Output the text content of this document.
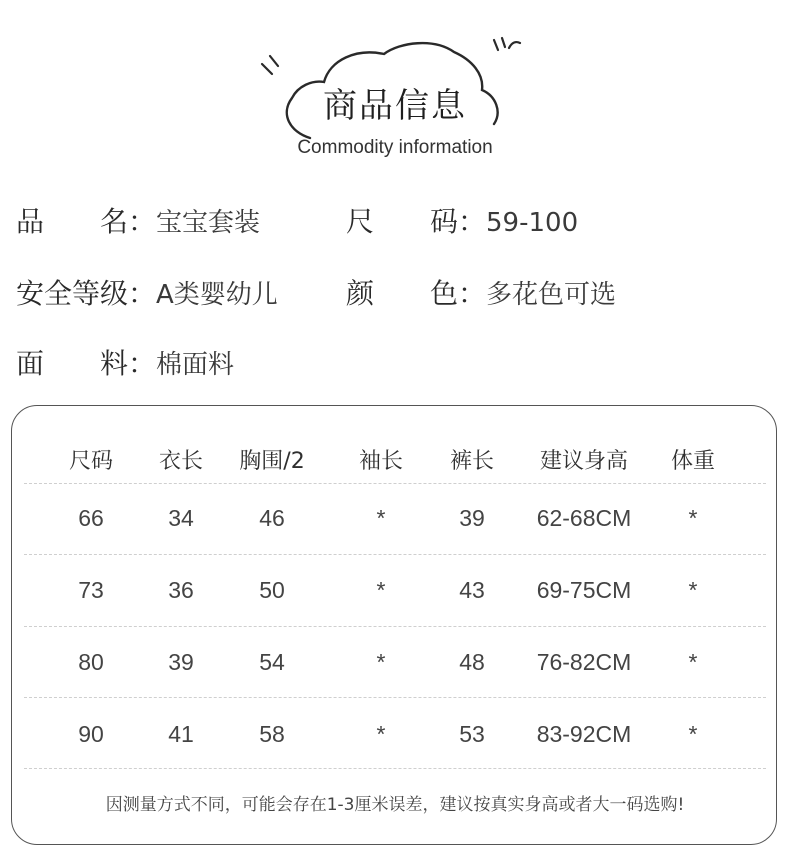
商品信息
Commodity information
品　　名：宝宝套装	尺　　码：59-100
安全等级：A类婴幼儿 颜　　色：多花色可选
面　　料：棉面料
尺码	衣长	胸围/2	袖长	裤长	建议身高	体重
66	34	46	*	39	62-68CM	*
73	36	50	*	43	69-75CM	*
80	39	54	*	48	76-82CM	*
90	41	58	*	53	83-92CM	*
因测量方式不同，可能会存在1-3厘米误差，建议按真实身高或者大一码选购!
